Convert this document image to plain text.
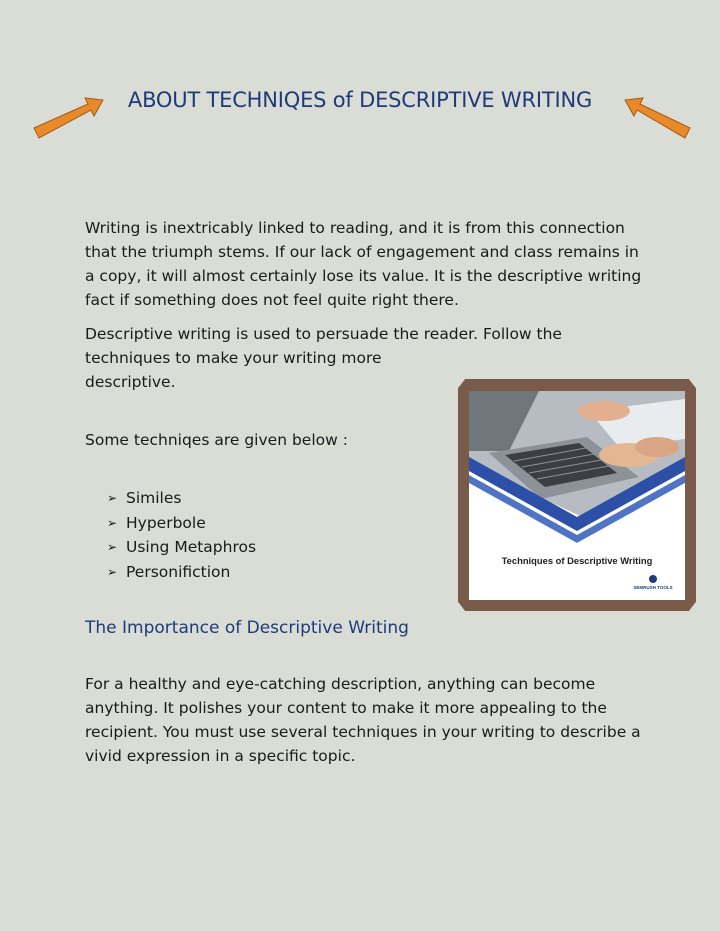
ABOUT TECHNIQES of DESCRIPTIVE WRITING

Writing is inextricably linked to reading, and it is from this connection that the triumph stems. If our lack of engagement and class remains in a copy, it will almost certainly lose its value. It is the descriptive writing fact if something does not feel quite right there.

Descriptive writing is used to persuade the reader. Follow the
techniques to make your writing more
descriptive.

Some techniqes are given below :

➢ Similes
➢ Hyperbole
➢ Using Metaphros
➢ Personifiction
The Importance of Descriptive Writing

For a healthy and eye-catching description, anything can become anything. It polishes your content to make it more appealing to the recipient. You must use several techniques in your writing to describe a vivid expression in a specific topic.

Techniques of Descriptive Writing
SEMRUSH TOOLS
